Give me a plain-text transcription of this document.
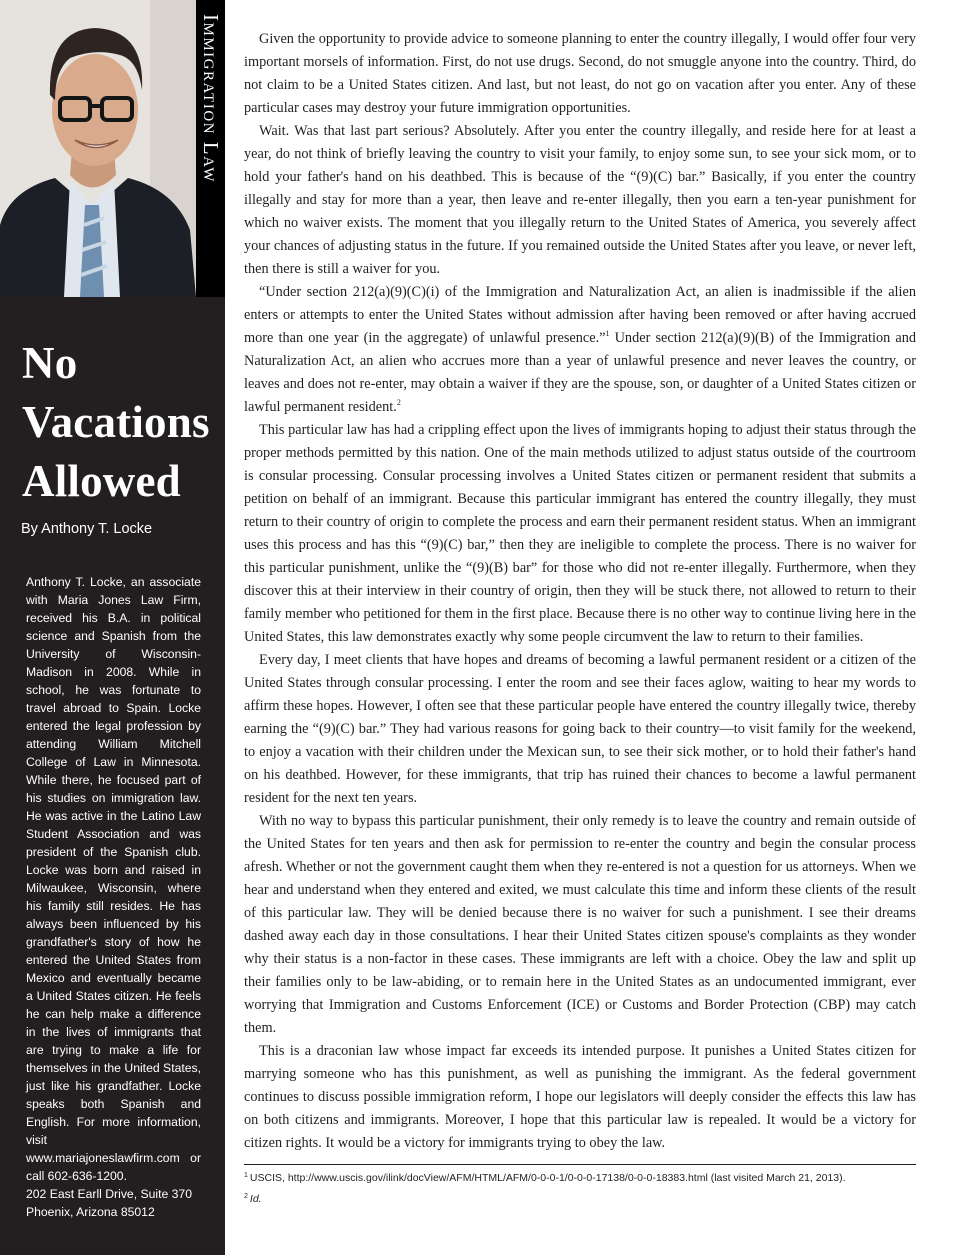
Immigration Law
No
Vacations
Allowed

By Anthony T. Locke

Anthony T. Locke, an associate with Maria Jones Law Firm, received his B.A. in political science and Spanish from the University of Wisconsin-Madison in 2008. While in school, he was fortunate to travel abroad to Spain. Locke entered the legal profession by attending William Mitchell College of Law in Minnesota. While there, he focused part of his studies on immigration law. He was active in the Latino Law Student Association and was president of the Spanish club. Locke was born and raised in Milwaukee, Wisconsin, where his family still resides. He has always been influenced by his grandfather's story of how he entered the United States from Mexico and eventually became a United States citizen. He feels he can help make a difference in the lives of immigrants that are trying to make a life for themselves in the United States, just like his grandfather. Locke speaks both Spanish and English. For more information, visit www.mariajoneslawfirm.com or call 602-636-1200.
202 East Earll Drive, Suite 370
Phoenix, Arizona 85012

Given the opportunity to provide advice to someone planning to enter the country illegally, I would offer four very important morsels of information. First, do not use drugs. Second, do not smuggle anyone into the country. Third, do not claim to be a United States citizen. And last, but not least, do not go on vacation after you enter. Any of these particular cases may destroy your future immigration opportunities.

Wait. Was that last part serious? Absolutely. After you enter the country illegally, and reside here for at least a year, do not think of briefly leaving the country to visit your family, to enjoy some sun, to see your sick mom, or to hold your father's hand on his deathbed. This is because of the “(9)(C) bar.” Basically, if you enter the country illegally and stay for more than a year, then leave and re-enter illegally, then you earn a ten-year punishment for which no waiver exists. The moment that you illegally return to the United States of America, you severely affect your chances of adjusting status in the future. If you remained outside the United States after you leave, or never left, then there is still a waiver for you.

“Under section 212(a)(9)(C)(i) of the Immigration and Naturalization Act, an alien is inadmissible if the alien enters or attempts to enter the United States without admission after having been removed or after having accrued more than one year (in the aggregate) of unlawful presence.”$^1$ Under section 212(a)(9)(B) of the Immigration and Naturalization Act, an alien who accrues more than a year of unlawful presence and never leaves the country, or leaves and does not re-enter, may obtain a waiver if they are the spouse, son, or daughter of a United States citizen or lawful permanent resident.$^2$

This particular law has had a crippling effect upon the lives of immigrants hoping to adjust their status through the proper methods permitted by this nation. One of the main methods utilized to adjust status outside of the courtroom is consular processing. Consular processing involves a United States citizen or permanent resident that submits a petition on behalf of an immigrant. Because this particular immigrant has entered the country illegally, they must return to their country of origin to complete the process and earn their permanent resident status. When an immigrant uses this process and has this “(9)(C) bar,” then they are ineligible to complete the process. There is no waiver for this particular punishment, unlike the “(9)(B) bar” for those who did not re-enter illegally. Furthermore, when they discover this at their interview in their country of origin, then they will be stuck there, not allowed to return to their family member who petitioned for them in the first place. Because there is no other way to continue living here in the United States, this law demonstrates exactly why some people circumvent the law to return to their families.

Every day, I meet clients that have hopes and dreams of becoming a lawful permanent resident or a citizen of the United States through consular processing. I enter the room and see their faces aglow, waiting to hear my words to affirm these hopes. However, I often see that these particular people have entered the country illegally twice, thereby earning the “(9)(C) bar.” They had various reasons for going back to their country—to visit family for the weekend, to enjoy a vacation with their children under the Mexican sun, to see their sick mother, or to hold their father's hand on his deathbed. However, for these immigrants, that trip has ruined their chances to become a lawful permanent resident for the next ten years.

With no way to bypass this particular punishment, their only remedy is to leave the country and remain outside of the United States for ten years and then ask for permission to re-enter the country and begin the consular process afresh. Whether or not the government caught them when they re-entered is not a question for us attorneys. When we hear and understand when they entered and exited, we must calculate this time and inform these clients of the result of this particular law. They will be denied because there is no waiver for such a punishment. I see their dreams dashed away each day in those consultations. I hear their United States citizen spouse's complaints as they wonder why their status is a non-factor in these cases. These immigrants are left with a choice. Obey the law and split up their families only to be law-abiding, or to remain here in the United States as an undocumented immigrant, ever worrying that Immigration and Customs Enforcement (ICE) or Customs and Border Protection (CBP) may catch them.

This is a draconian law whose impact far exceeds its intended purpose. It punishes a United States citizen for marrying someone who has this punishment, as well as punishing the immigrant. As the federal government continues to discuss possible immigration reform, I hope our legislators will deeply consider the effects this law has on both citizens and immigrants. Moreover, I hope that this particular law is repealed. It would be a victory for citizen rights. It would be a victory for immigrants trying to obey the law.

$^1$ USCIS, http://www.uscis.gov/ilink/docView/AFM/HTML/AFM/0-0-0-1/0-0-0-17138/0-0-0-18383.html (last visited March 21, 2013).
$^2$ Id.
